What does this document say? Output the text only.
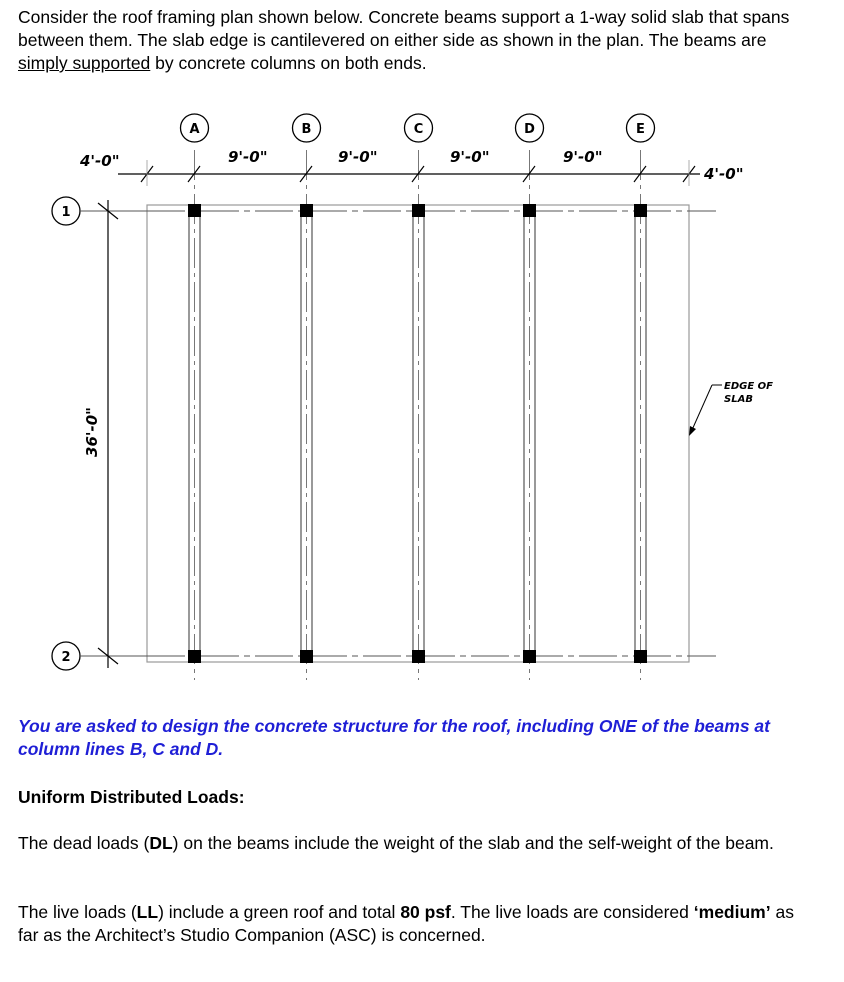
Consider the roof framing plan shown below. Concrete beams support a 1-way solid slab that spans between them. The slab edge is cantilevered on either side as shown in the plan. The beams are simply supported by concrete columns on both ends.

A	B	C	D	E
1
2
4'-0"	9'-0"	9'-0"	9'-0"	9'-0"
4'-0"
36'-0"
EDGE OF
SLAB

You are asked to design the concrete structure for the roof, including ONE of the beams at column lines B, C and D.

Uniform Distributed Loads:

The dead loads (DL) on the beams include the weight of the slab and the self-weight of the beam.

The live loads (LL) include a green roof and total 80 psf. The live loads are considered ‘medium’ as far as the Architect’s Studio Companion (ASC) is concerned.
